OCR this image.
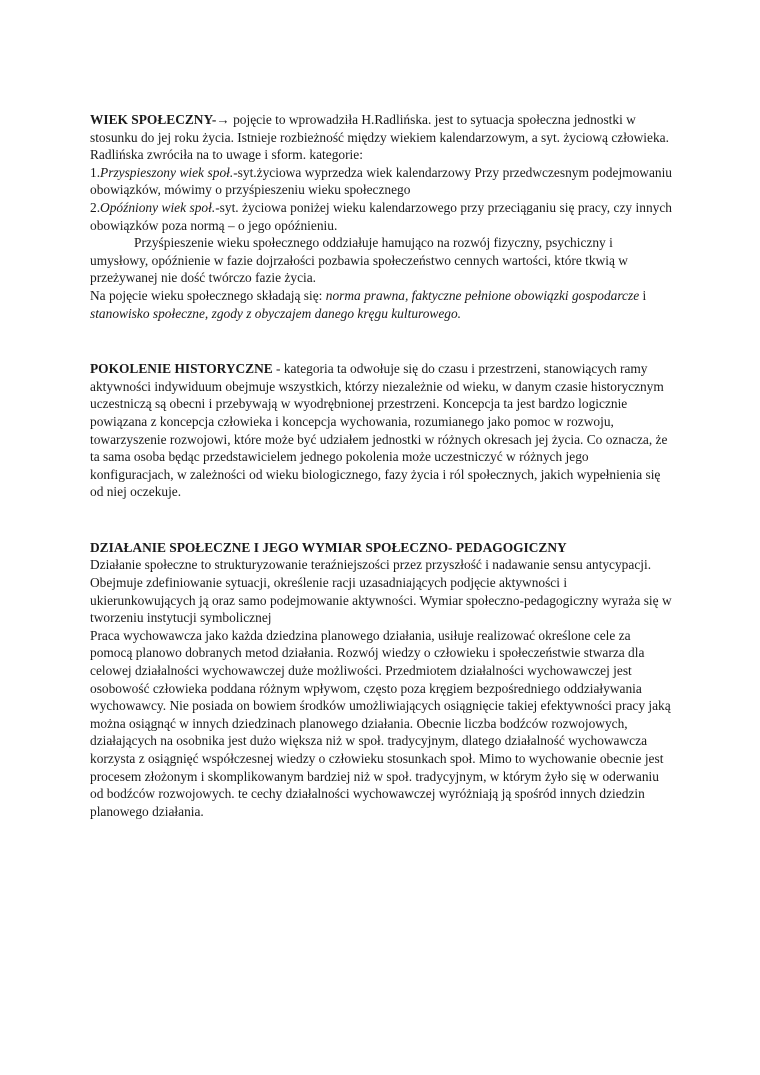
WIEK SPOŁECZNY-→ pojęcie to wprowadziła H.Radlińska. jest to sytuacja społeczna jednostki w stosunku do jej roku życia. Istnieje rozbieżność między wiekiem kalendarzowym, a syt. życiową człowieka. Radlińska zwróciła na to uwage i sform. kategorie:

1.Przyspieszony wiek społ.-syt.życiowa wyprzedza wiek kalendarzowy Przy przedwczesnym podejmowaniu obowiązków, mówimy o przyśpieszeniu wieku społecznego

2.Opóźniony wiek społ.-syt. życiowa poniżej wieku kalendarzowego przy przeciąganiu się pracy, czy innych obowiązków poza normą – o jego opóźnieniu.

Przyśpieszenie wieku społecznego oddziałuje hamująco na rozwój fizyczny, psychiczny i umysłowy, opóźnienie w fazie dojrzałości pozbawia społeczeństwo cennych wartości, które tkwią w przeżywanej nie dość twórczo fazie życia.

Na pojęcie wieku społecznego składają się: norma prawna, faktyczne pełnione obowiązki gospodarcze i stanowisko społeczne, zgody z obyczajem danego kręgu kulturowego.

POKOLENIE HISTORYCZNE - kategoria ta odwołuje się do czasu i przestrzeni, stanowiących ramy aktywności indywiduum obejmuje wszystkich, którzy niezależnie od wieku, w danym czasie historycznym uczestniczą są obecni i przebywają w wyodrębnionej przestrzeni. Koncepcja ta jest bardzo logicznie powiązana z koncepcja człowieka i koncepcja wychowania, rozumianego jako pomoc w rozwoju, towarzyszenie rozwojowi, które może być udziałem jednostki w różnych okresach jej życia. Co oznacza, że ta sama osoba będąc przedstawicielem jednego pokolenia może uczestniczyć w różnych jego konfiguracjach, w zależności od wieku biologicznego, fazy życia i ról społecznych, jakich wypełnienia się od niej oczekuje.

DZIAŁANIE SPOŁECZNE I JEGO WYMIAR SPOŁECZNO- PEDAGOGICZNY

Działanie społeczne to strukturyzowanie teraźniejszości przez przyszłość i nadawanie sensu antycypacji. Obejmuje zdefiniowanie sytuacji, określenie racji uzasadniających podjęcie aktywności i ukierunkowujących ją oraz samo podejmowanie aktywności. Wymiar społeczno-pedagogiczny wyraża się w tworzeniu instytucji symbolicznej

Praca wychowawcza jako każda dziedzina planowego działania, usiłuje realizować określone cele za pomocą planowo dobranych metod działania. Rozwój wiedzy o człowieku i społeczeństwie stwarza dla celowej działalności wychowawczej duże możliwości. Przedmiotem działalności wychowawczej jest osobowość człowieka poddana różnym wpływom, często poza kręgiem bezpośredniego oddziaływania wychowawcy. Nie posiada on bowiem środków umożliwiających osiągnięcie takiej efektywności pracy jaką można osiągnąć w innych dziedzinach planowego działania. Obecnie liczba bodźców rozwojowych, działających na osobnika jest dużo większa niż w społ. tradycyjnym, dlatego działalność wychowawcza korzysta z osiągnięć współczesnej wiedzy o człowieku stosunkach społ. Mimo to wychowanie obecnie jest procesem złożonym i skomplikowanym bardziej niż w społ. tradycyjnym, w którym żyło się w oderwaniu od bodźców rozwojowych. te cechy działalności wychowawczej wyróżniają ją spośród innych dziedzin planowego działania.
